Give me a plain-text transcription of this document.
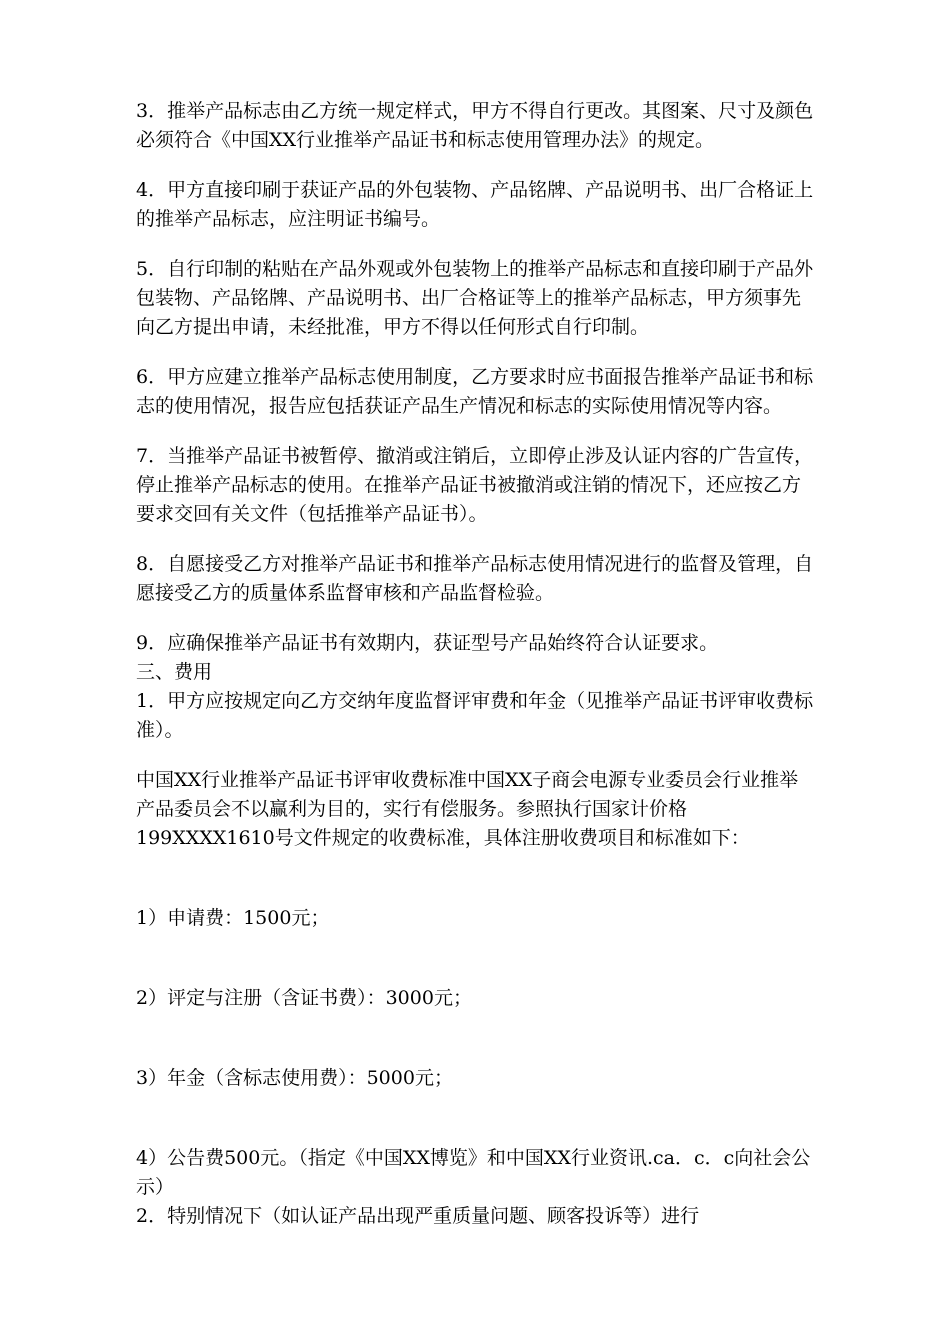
3．推举产品标志由乙方统一规定样式，甲方不得自行更改。其图案、尺寸及颜色必须符合《中国XX行业推举产品证书和标志使用管理办法》的规定。

4．甲方直接印刷于获证产品的外包装物、产品铭牌、产品说明书、出厂合格证上的推举产品标志，应注明证书编号。

5．自行印制的粘贴在产品外观或外包装物上的推举产品标志和直接印刷于产品外包装物、产品铭牌、产品说明书、出厂合格证等上的推举产品标志，甲方须事先向乙方提出申请，未经批准，甲方不得以任何形式自行印制。

6．甲方应建立推举产品标志使用制度，乙方要求时应书面报告推举产品证书和标志的使用情况，报告应包括获证产品生产情况和标志的实际使用情况等内容。

7．当推举产品证书被暂停、撤消或注销后，立即停止涉及认证内容的广告宣传，停止推举产品标志的使用。在推举产品证书被撤消或注销的情况下，还应按乙方要求交回有关文件（包括推举产品证书）。

8．自愿接受乙方对推举产品证书和推举产品标志使用情况进行的监督及管理，自愿接受乙方的质量体系监督审核和产品监督检验。

9．应确保推举产品证书有效期内，获证型号产品始终符合认证要求。

三、费用

1．甲方应按规定向乙方交纳年度监督评审费和年金（见推举产品证书评审收费标准）。

中国XX行业推举产品证书评审收费标准中国XX子商会电源专业委员会行业推举产品委员会不以赢利为目的，实行有偿服务。参照执行国家计价格199XXXX1610号文件规定的收费标准，具体注册收费项目和标准如下：

1）申请费：1500元；

2）评定与注册（含证书费）：3000元；

3）年金（含标志使用费）：5000元；

4）公告费500元。（指定《中国XX博览》和中国XX行业资讯.ca．c．c向社会公示）

2．特别情况下（如认证产品出现严重质量问题、顾客投诉等）进行
